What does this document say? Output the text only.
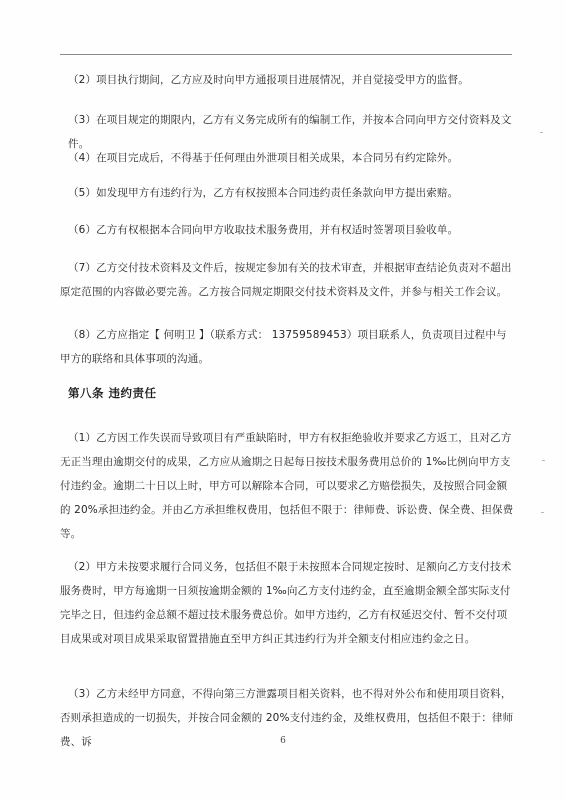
（2）项目执行期间，乙方应及时向甲方通报项目进展情况，并自觉接受甲方的监督。

（3）在项目规定的期限内，乙方有义务完成所有的编制工作，并按本合同向甲方交付资料及文件。

（4）在项目完成后，不得基于任何理由外泄项目相关成果，本合同另有约定除外。

（5）如发现甲方有违约行为，乙方有权按照本合同违约责任条款向甲方提出索赔。

（6）乙方有权根据本合同向甲方收取技术服务费用，并有权适时签署项目验收单。

（7）乙方交付技术资料及文件后，按规定参加有关的技术审查，并根据审查结论负责对不超出原定范围的内容做必要完善。乙方按合同规定期限交付技术资料及文件，并参与相关工作会议。

（8）乙方应指定【 何明卫 】（联系方式： 13759589453）项目联系人，负责项目过程中与甲方的联络和具体事项的沟通。

第八条 违约责任

（1）乙方因工作失误而导致项目有严重缺陷时，甲方有权拒绝验收并要求乙方返工，且对乙方无正当理由逾期交付的成果，乙方应从逾期之日起每日按技术服务费用总价的 1‰比例向甲方支付违约金。逾期二十日以上时，甲方可以解除本合同，可以要求乙方赔偿损失，及按照合同金额的 20%承担违约金。并由乙方承担维权费用，包括但不限于：律师费、诉讼费、保全费、担保费等。

（2）甲方未按要求履行合同义务，包括但不限于未按照本合同规定按时、足额向乙方支付技术服务费时，甲方每逾期一日须按逾期金额的 1‰向乙方支付违约金，直至逾期金额全部实际支付完毕之日，但违约金总额不超过技术服务费总价。如甲方违约，乙方有权延迟交付、暂不交付项目成果或对项目成果采取留置措施直至甲方纠正其违约行为并全额支付相应违约金之日。

（3）乙方未经甲方同意，不得向第三方泄露项目相关资料，也不得对外公布和使用项目资料，否则承担造成的一切损失，并按合同金额的 20%支付违约金，及维权费用，包括但不限于：律师费、诉	6
